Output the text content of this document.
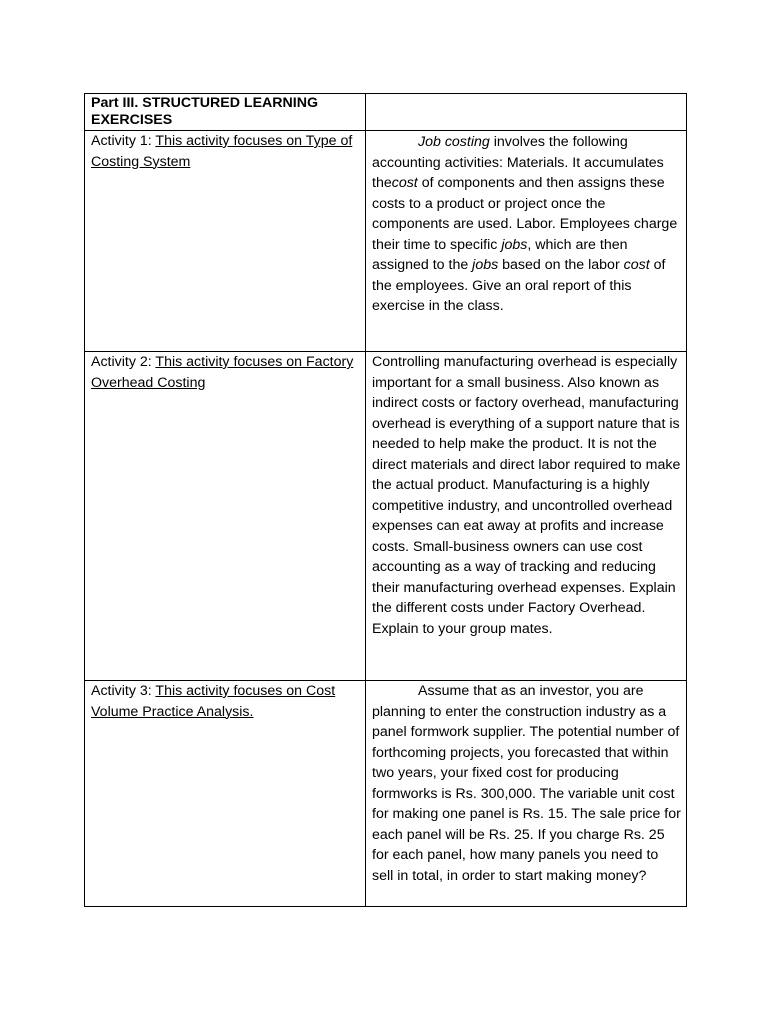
Part III. STRUCTURED LEARNING EXERCISES	
Activity 1: This activity focuses on Type of Costing System	Job costing involves the following accounting activities: Materials. It accumulates thecost of components and then assigns these costs to a product or project once the components are used. Labor. Employees charge their time to specific jobs, which are then assigned to the jobs based on the labor cost of the employees. Give an oral report of this exercise in the class.
Activity 2: This activity focuses on Factory Overhead Costing	Controlling manufacturing overhead is especially important for a small business. Also known as indirect costs or factory overhead, manufacturing overhead is everything of a support nature that is needed to help make the product. It is not the direct materials and direct labor required to make the actual product. Manufacturing is a highly competitive industry, and uncontrolled overhead expenses can eat away at profits and increase costs. Small-business owners can use cost accounting as a way of tracking and reducing their manufacturing overhead expenses. Explain the different costs under Factory Overhead. Explain to your group mates.
Activity 3: This activity focuses on Cost Volume Practice Analysis.	Assume that as an investor, you are planning to enter the construction industry as a panel formwork supplier. The potential number of forthcoming projects, you forecasted that within two years, your fixed cost for producing formworks is Rs. 300,000. The variable unit cost for making one panel is Rs. 15. The sale price for each panel will be Rs. 25. If you charge Rs. 25 for each panel, how many panels you need to sell in total, in order to start making money?
